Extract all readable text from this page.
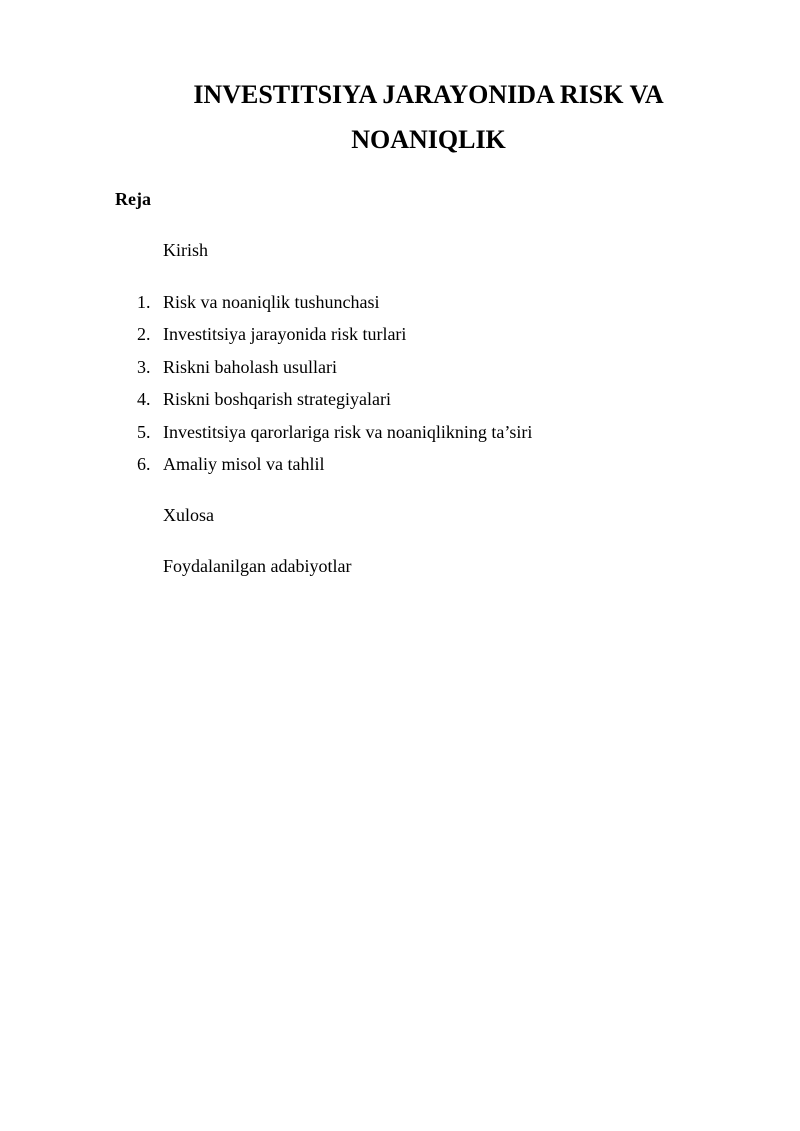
INVESTITSIYA JARAYONIDA RISK VA
NOANIQLIK

Reja

Kirish

1. Risk va noaniqlik tushunchasi
2. Investitsiya jarayonida risk turlari
3. Riskni baholash usullari
4. Riskni boshqarish strategiyalari
5. Investitsiya qarorlariga risk va noaniqlikning ta’siri
6. Amaliy misol va tahlil

Xulosa

Foydalanilgan adabiyotlar
